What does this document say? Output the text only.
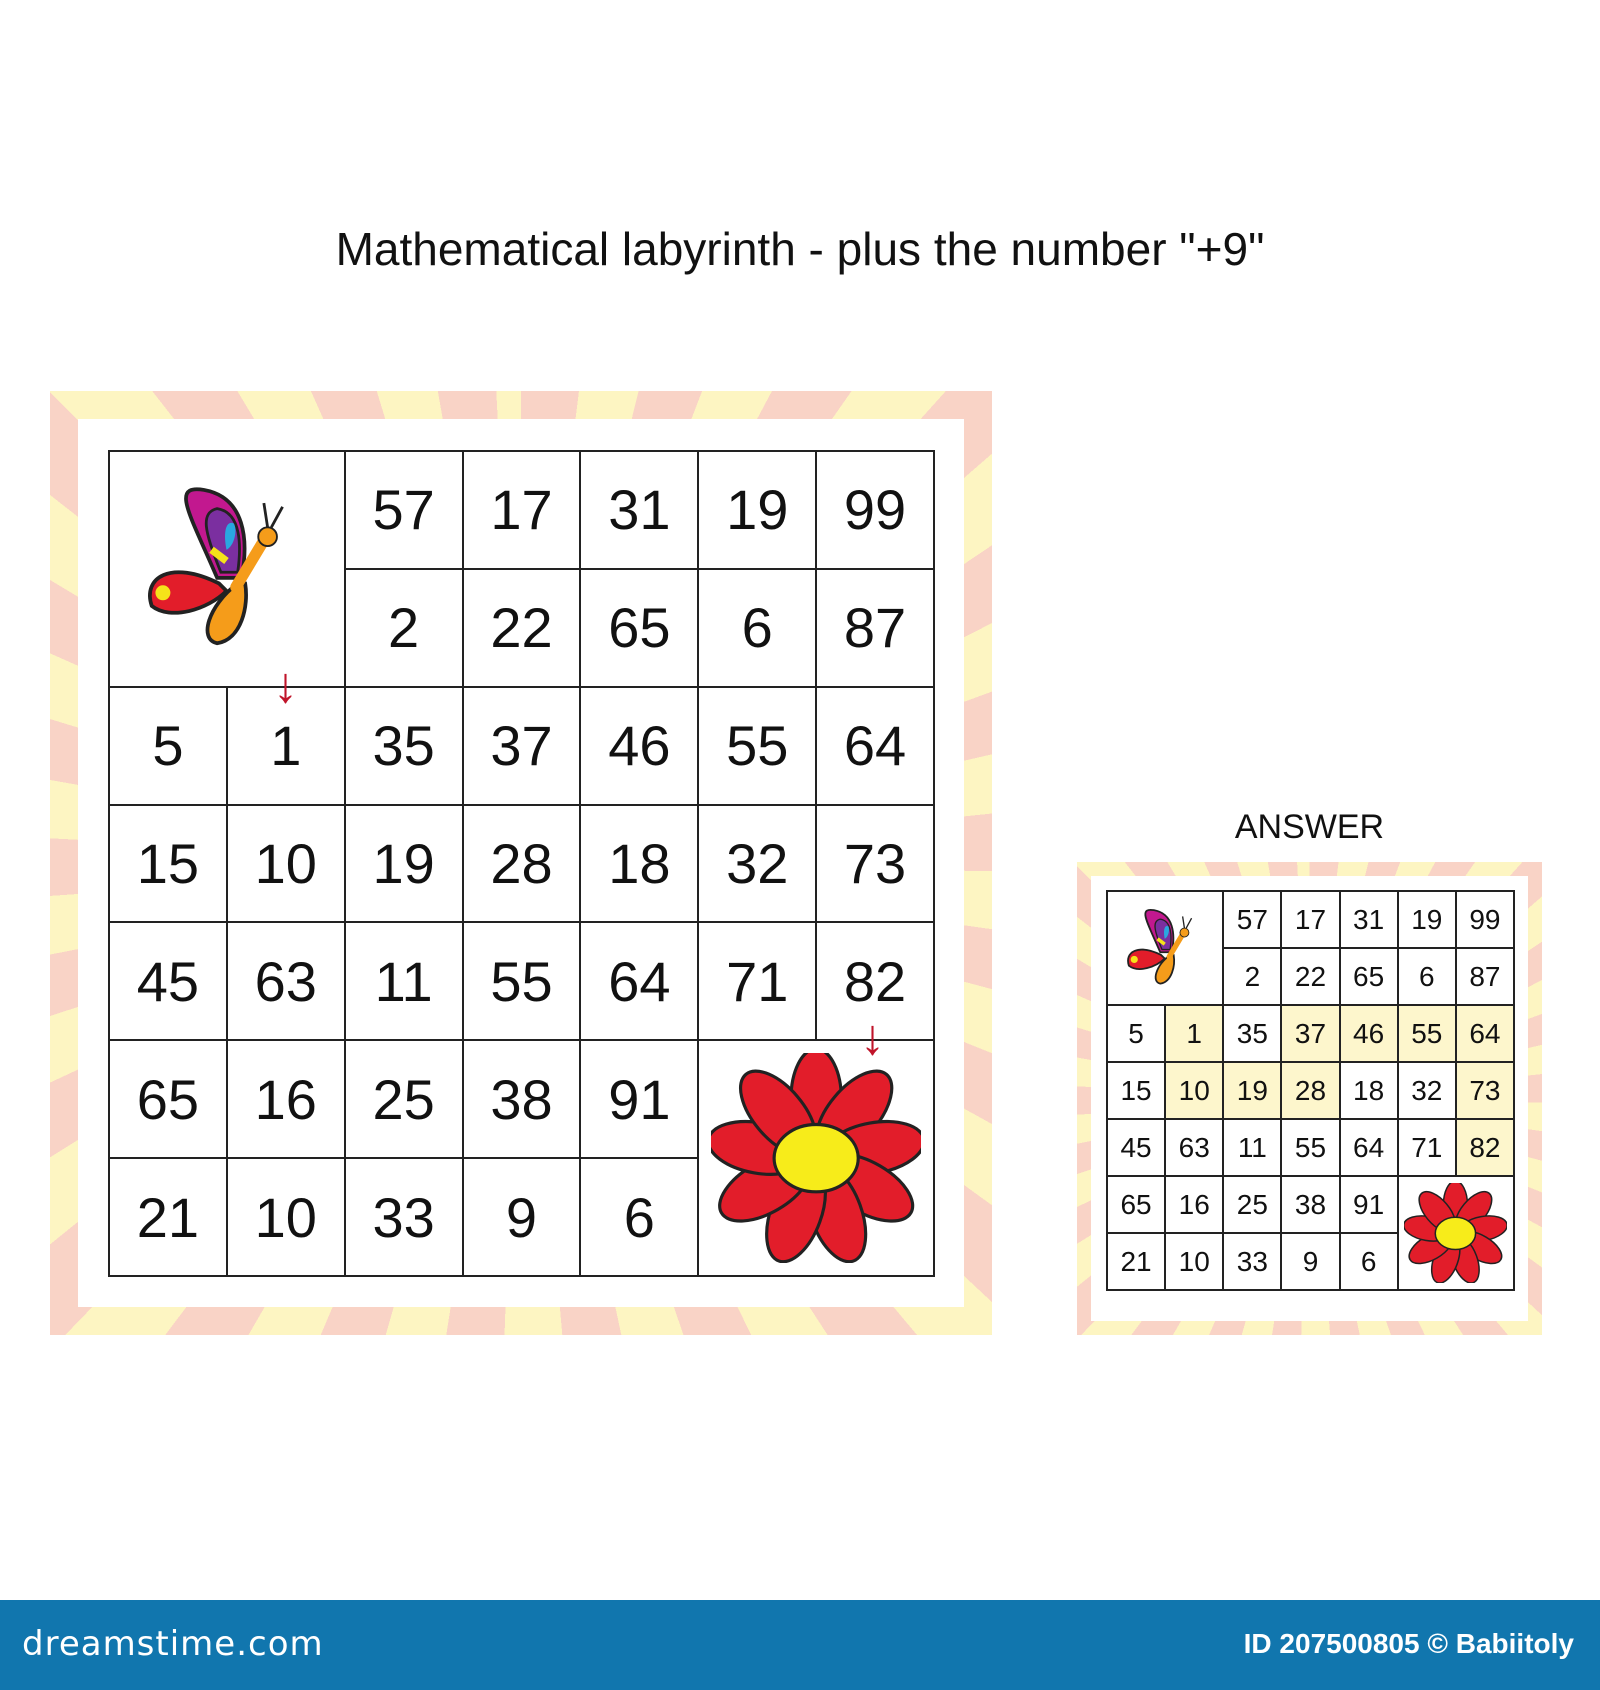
Mathematical labyrinth - plus the number "+9"
57 17 31 19 99
2	22 65	6	87
5	1	35 37 46 55 64
15 10 19 28 18 32 73
45 63	11	55 64 71 82
65 16 25 38 91
21 10 33	9	6
↓
↓
ANSWER
57 17 31 19 99
2	22 65	6	87
5	1	35 37 46 55 64
15 10 19 28 18 32 73
45 63	11	55 64 71 82
65 16 25 38 91
21 10 33	9	6
dreamstime.com	ID 207500805 © Babiitoly
